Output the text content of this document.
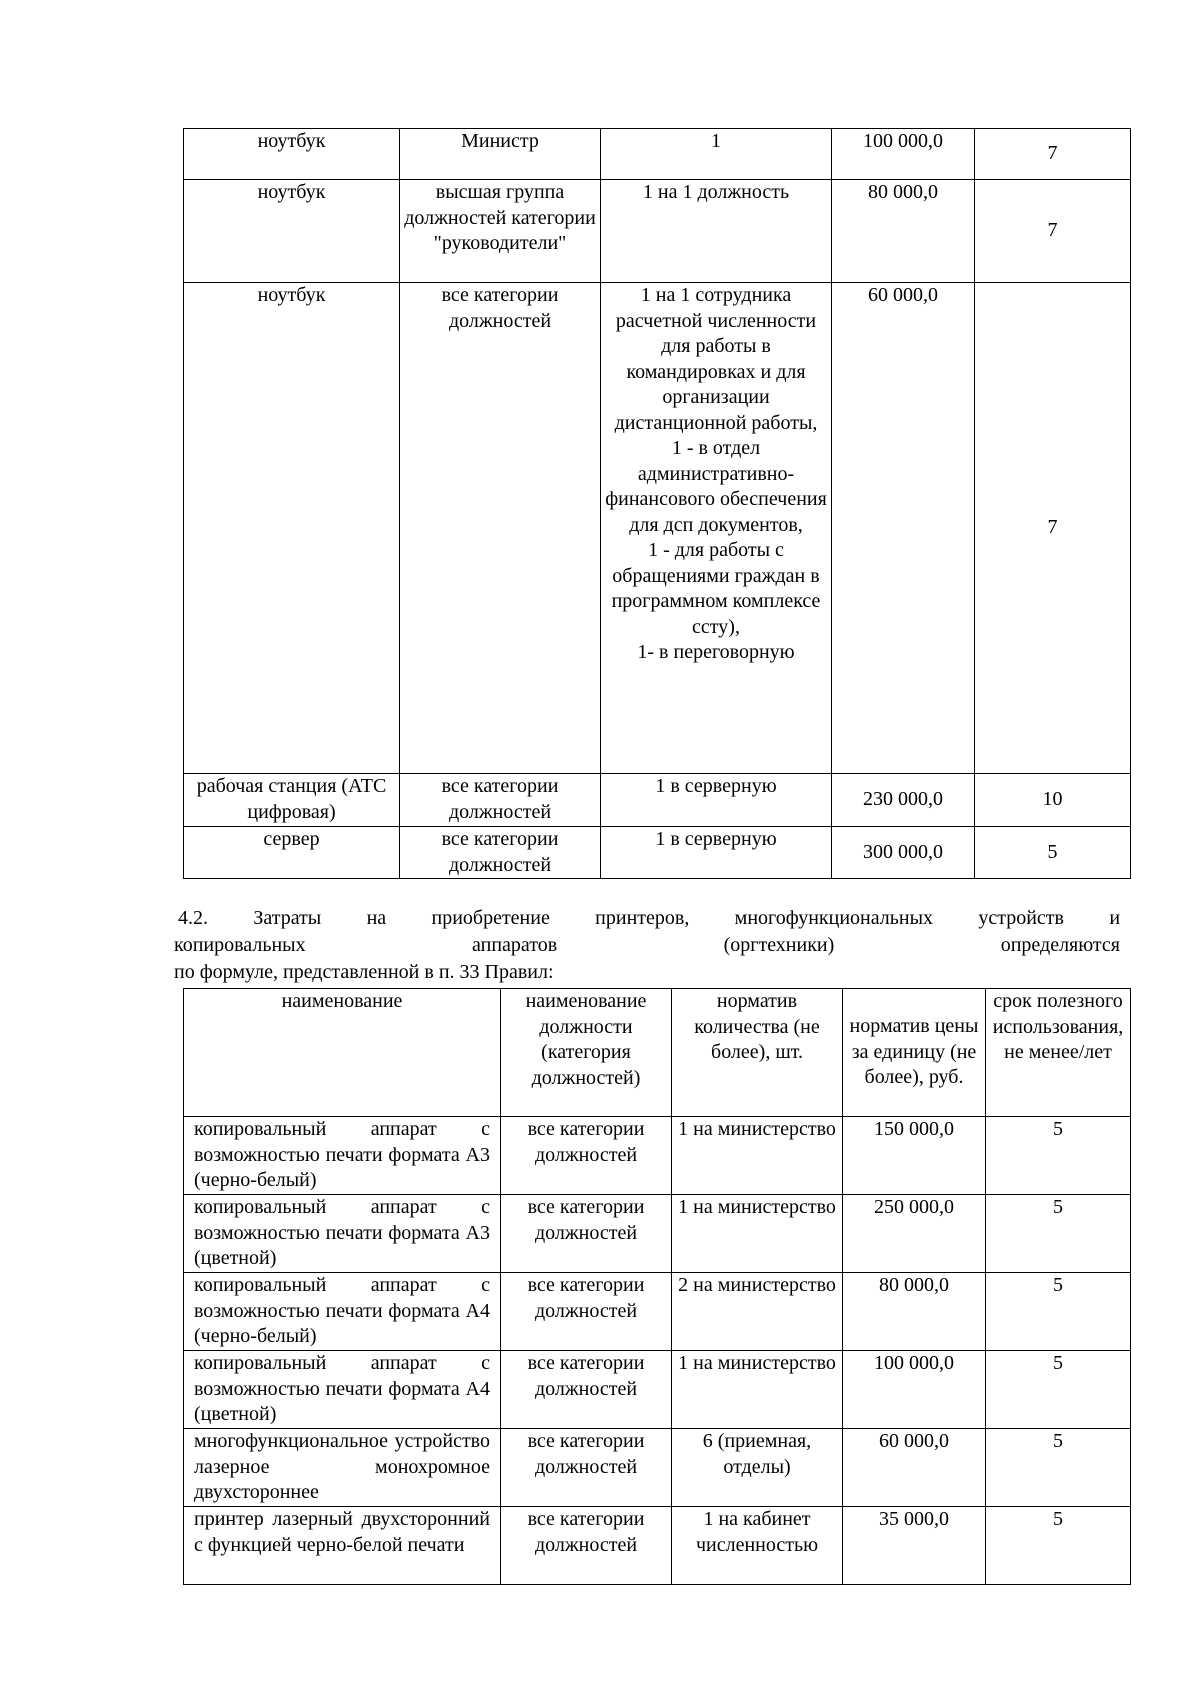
ноутбук	Министр	1	100 000,0	7
ноутбук	высшая группа должностей категории "руководители"	1 на 1 должность	80 000,0	7
ноутбук	все категории должностей	1 на 1 сотрудника расчетной численности для работы в командировках и для организации дистанционной работы,
1 - в отдел административно-финансового обеспечения для дсп документов,
1 - для работы с обращениями граждан в программном комплексе ссту),
1- в переговорную	60 000,0	7
рабочая станция (АТС цифровая)	все категории должностей	1 в серверную	230 000,0	10
сервер	все категории должностей	1 в серверную	300 000,0	5
4.2. Затраты на приобретение принтеров, многофункциональных устройств и
копировальных	аппаратов	(оргтехники)	определяются
по формуле, представленной в п. 33 Правил:
наименование	наименование должности (категория должностей)	норматив количества (не более), шт.	норматив цены за единицу (не более), руб.	срок полезного использования, не менее/лет
копировальный аппарат с возможностью печати формата А3 (черно-белый)	все категории должностей	1 на министерство	150 000,0	5
копировальный аппарат с возможностью печати формата А3 (цветной)	все категории должностей	1 на министерство	250 000,0	5
копировальный аппарат с возможностью печати формата А4 (черно-белый)	все категории должностей	2 на министерство	80 000,0	5
копировальный аппарат с возможностью печати формата А4 (цветной)	все категории должностей	1 на министерство	100 000,0	5
многофункциональное устройство лазерное монохромное двухстороннее	все категории должностей	6 (приемная, отделы)	60 000,0	5
принтер лазерный двухсторонний с функцией черно-белой печати	все категории должностей	1 на кабинет численностью	35 000,0	5
